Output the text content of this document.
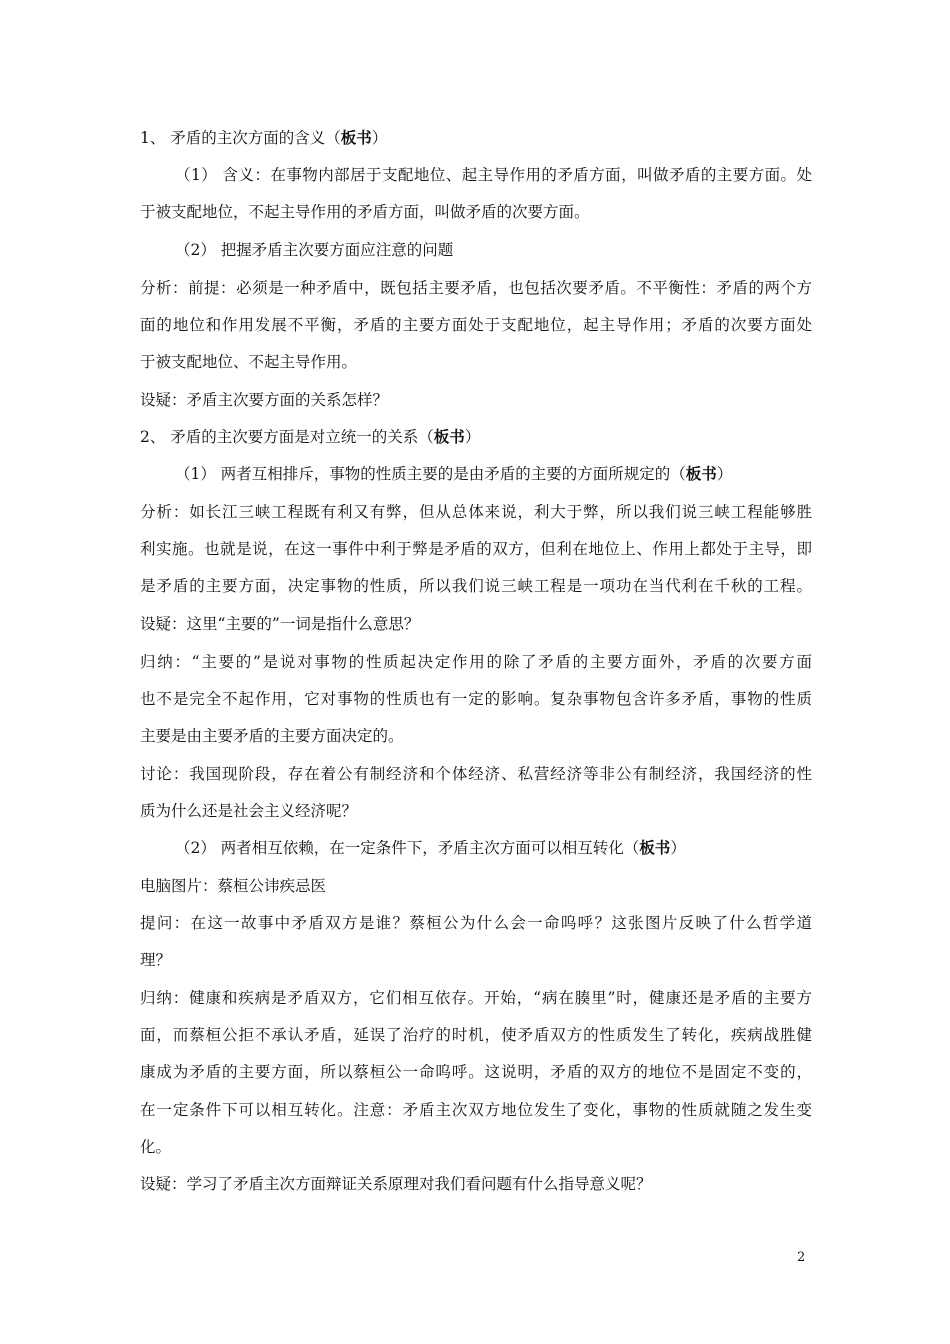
1、 矛盾的主次方面的含义（板书）
（1） 含义：在事物内部居于支配地位、起主导作用的矛盾方面，叫做矛盾的主要方面。处
于被支配地位，不起主导作用的矛盾方面，叫做矛盾的次要方面。
（2） 把握矛盾主次要方面应注意的问题
分析：前提：必须是一种矛盾中，既包括主要矛盾，也包括次要矛盾。不平衡性：矛盾的两个方
面的地位和作用发展不平衡，矛盾的主要方面处于支配地位，起主导作用；矛盾的次要方面处
于被支配地位、不起主导作用。
设疑：矛盾主次要方面的关系怎样？
2、 矛盾的主次要方面是对立统一的关系（板书）
（1） 两者互相排斥，事物的性质主要的是由矛盾的主要的方面所规定的（板书）
分析：如长江三峡工程既有利又有弊，但从总体来说，利大于弊，所以我们说三峡工程能够胜
利实施。也就是说，在这一事件中利于弊是矛盾的双方，但利在地位上、作用上都处于主导，即
是矛盾的主要方面，决定事物的性质，所以我们说三峡工程是一项功在当代利在千秋的工程。
设疑：这里“主要的”一词是指什么意思？
归纳：“主要的”是说对事物的性质起决定作用的除了矛盾的主要方面外，矛盾的次要方面
也不是完全不起作用，它对事物的性质也有一定的影响。复杂事物包含许多矛盾，事物的性质
主要是由主要矛盾的主要方面决定的。
讨论：我国现阶段，存在着公有制经济和个体经济、私营经济等非公有制经济，我国经济的性
质为什么还是社会主义经济呢？
（2） 两者相互依赖，在一定条件下，矛盾主次方面可以相互转化（板书）
电脑图片：蔡桓公讳疾忌医
提问：在这一故事中矛盾双方是谁？蔡桓公为什么会一命呜呼？这张图片反映了什么哲学道
理？
归纳：健康和疾病是矛盾双方，它们相互依存。开始，“病在腠里”时，健康还是矛盾的主要方
面，而蔡桓公拒不承认矛盾，延误了治疗的时机，使矛盾双方的性质发生了转化，疾病战胜健
康成为矛盾的主要方面，所以蔡桓公一命呜呼。这说明，矛盾的双方的地位不是固定不变的，
在一定条件下可以相互转化。注意：矛盾主次双方地位发生了变化，事物的性质就随之发生变
化。
设疑：学习了矛盾主次方面辩证关系原理对我们看问题有什么指导意义呢？
2
